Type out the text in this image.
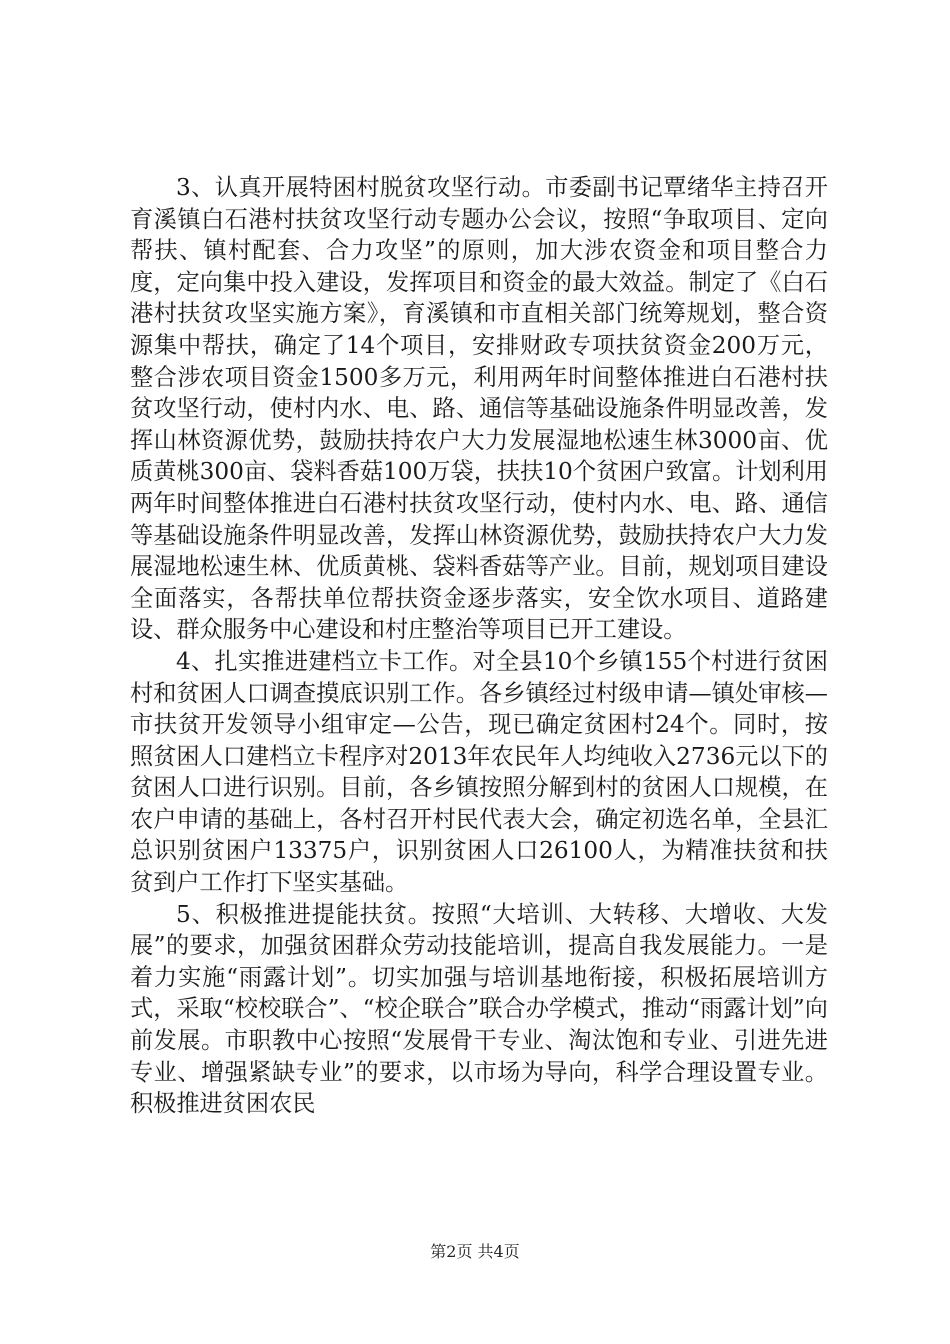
3、认真开展特困村脱贫攻坚行动。市委副书记覃绪华主持召开育溪镇白石港村扶贫攻坚行动专题办公会议，按照“争取项目、定向帮扶、镇村配套、合力攻坚”的原则，加大涉农资金和项目整合力度，定向集中投入建设，发挥项目和资金的最大效益。制定了《白石港村扶贫攻坚实施方案》，育溪镇和市直相关部门统筹规划，整合资源集中帮扶，确定了14个项目，安排财政专项扶贫资金200万元，整合涉农项目资金1500多万元，利用两年时间整体推进白石港村扶贫攻坚行动，使村内水、电、路、通信等基础设施条件明显改善，发挥山林资源优势，鼓励扶持农户大力发展湿地松速生林3000亩、优质黄桃300亩、袋料香菇100万袋，扶扶10个贫困户致富。计划利用两年时间整体推进白石港村扶贫攻坚行动，使村内水、电、路、通信等基础设施条件明显改善，发挥山林资源优势，鼓励扶持农户大力发展湿地松速生林、优质黄桃、袋料香菇等产业。目前，规划项目建设全面落实，各帮扶单位帮扶资金逐步落实，安全饮水项目、道路建设、群众服务中心建设和村庄整治等项目已开工建设。

4、扎实推进建档立卡工作。对全县10个乡镇155个村进行贫困村和贫困人口调查摸底识别工作。各乡镇经过村级申请—镇处审核—市扶贫开发领导小组审定—公告，现已确定贫困村24个。同时，按照贫困人口建档立卡程序对2013年农民年人均纯收入2736元以下的贫困人口进行识别。目前，各乡镇按照分解到村的贫困人口规模，在农户申请的基础上，各村召开村民代表大会，确定初选名单，全县汇总识别贫困户13375户，识别贫困人口26100人，为精准扶贫和扶贫到户工作打下坚实基础。

5、积极推进提能扶贫。按照“大培训、大转移、大增收、大发展”的要求，加强贫困群众劳动技能培训，提高自我发展能力。一是着力实施“雨露计划”。切实加强与培训基地衔接，积极拓展培训方式，采取“校校联合”、“校企联合”联合办学模式，推动“雨露计划”向前发展。市职教中心按照“发展骨干专业、淘汰饱和专业、引进先进专业、增强紧缺专业”的要求，以市场为导向，科学合理设置专业。积极推进贫困农民

第2页 共4页
